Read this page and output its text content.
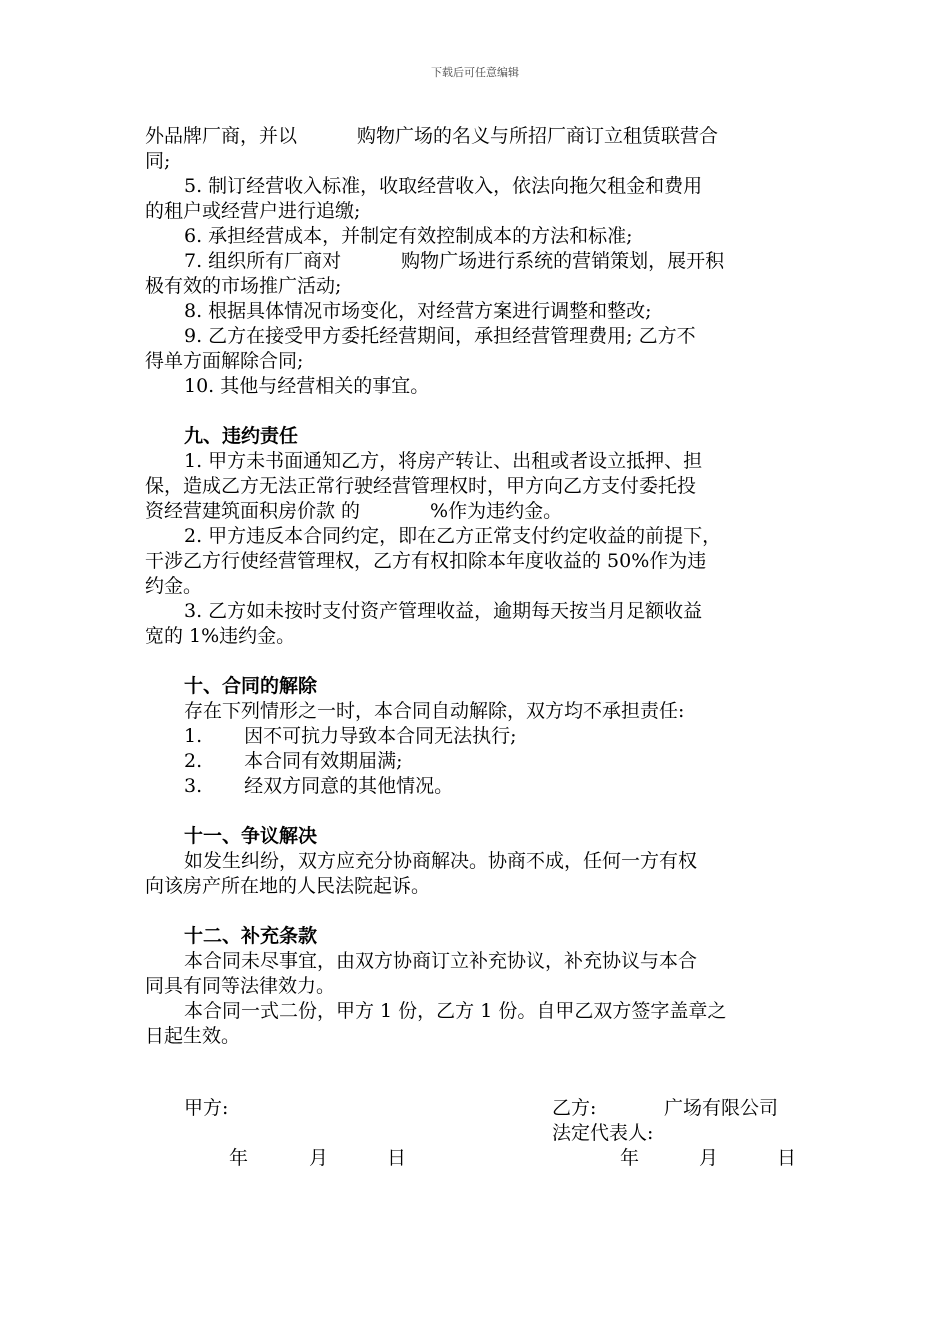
下载后可任意编辑
外品牌厂商，并以	购物广场的名义与所招厂商订立租赁联营合
同;
5. 制订经营收入标准，收取经营收入，依法向拖欠租金和费用
的租户或经营户进行追缴;
6. 承担经营成本，并制定有效控制成本的方法和标准;
7. 组织所有厂商对	购物广场进行系统的营销策划，展开积
极有效的市场推广活动;
8. 根据具体情况市场变化，对经营方案进行调整和整改;
9. 乙方在接受甲方委托经营期间，承担经营管理费用; 乙方不
得单方面解除合同;
10. 其他与经营相关的事宜。
九、违约责任
1. 甲方未书面通知乙方，将房产转让、出租或者设立抵押、担
保，造成乙方无法正常行驶经营管理权时，甲方向乙方支付委托投
资经营建筑面积房价款 的	%作为违约金。
2. 甲方违反本合同约定，即在乙方正常支付约定收益的前提下，
干涉乙方行使经营管理权，乙方有权扣除本年度收益的 50%作为违
约金。
3. 乙方如未按时支付资产管理收益，逾期每天按当月足额收益
宽的 1%违约金。
十、合同的解除
存在下列情形之一时，本合同自动解除，双方均不承担责任:
1. 因不可抗力导致本合同无法执行;
2. 本合同有效期届满;
3. 经双方同意的其他情况。
十一、争议解决
如发生纠纷，双方应充分协商解决。协商不成，任何一方有权
向该房产所在地的人民法院起诉。
十二、补充条款
本合同未尽事宜，由双方协商订立补充协议，补充协议与本合
同具有同等法律效力。
本合同一式二份，甲方 1 份，乙方 1 份。自甲乙双方签字盖章之
日起生效。
甲方:	乙方:	广场有限公司
法定代表人:
年	月	日	年	月	日
